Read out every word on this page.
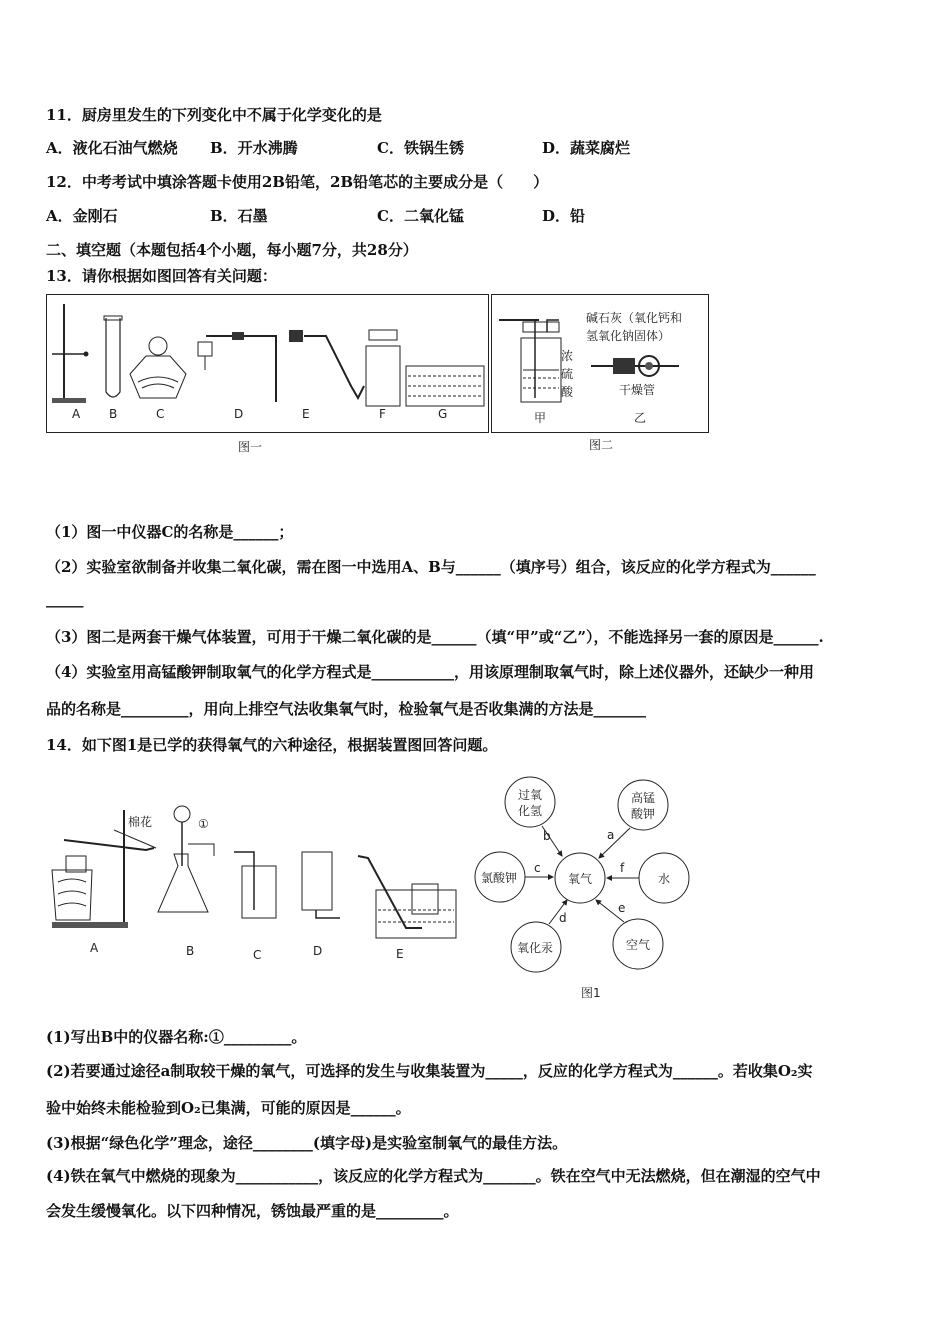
11．厨房里发生的下列变化中不属于化学变化的是
A．液化石油气燃烧 B．开水沸腾	C．铁锅生锈	D．蔬菜腐烂
12．中考考试中填涂答题卡使用2B铅笔，2B铅笔芯的主要成分是（　　）
A．金刚石	B．石墨	C．二氧化锰	D．铅
二、填空题（本题包括4个小题，每小题7分，共28分）
13．请你根据如图回答有关问题：
A B	C	D	E	F	G
图一
浓
硫
酸
碱石灰（氧化钙和
氢氧化钠固体）
干燥管
甲	乙
图二
（1）图一中仪器C的名称是______；
（2）实验室欲制备并收集二氧化碳，需在图一中选用A、B与______（填序号）组合，该反应的化学方程式为______
_____
（3）图二是两套干燥气体装置，可用于干燥二氧化碳的是______（填“甲”或“乙”），不能选择另一套的原因是______.
（4）实验室用高锰酸钾制取氧气的化学方程式是___________，用该原理制取氧气时，除上述仪器外，还缺少一种用
品的名称是_________，用向上排空气法收集氧气时，检验氧气是否收集满的方法是_______
14．如下图1是已学的获得氧气的六种途径，根据装置图回答问题。
棉花	①
A	B	C	D	E
a
b
c
d
e
f
过氧
化氢
高锰
酸钾
氯酸钾	氧气	水
氧化汞	空气
图1
(1)写出B中的仪器名称:①_________。
(2)若要通过途径a制取较干燥的氧气，可选择的发生与收集装置为_____，反应的化学方程式为______。若收集O₂实
验中始终未能检验到O₂已集满，可能的原因是______。
(3)根据“绿色化学”理念，途径________(填字母)是实验室制氧气的最佳方法。
(4)铁在氧气中燃烧的现象为___________，该反应的化学方程式为_______。铁在空气中无法燃烧，但在潮湿的空气中
会发生缓慢氧化。以下四种情况，锈蚀最严重的是_________。
